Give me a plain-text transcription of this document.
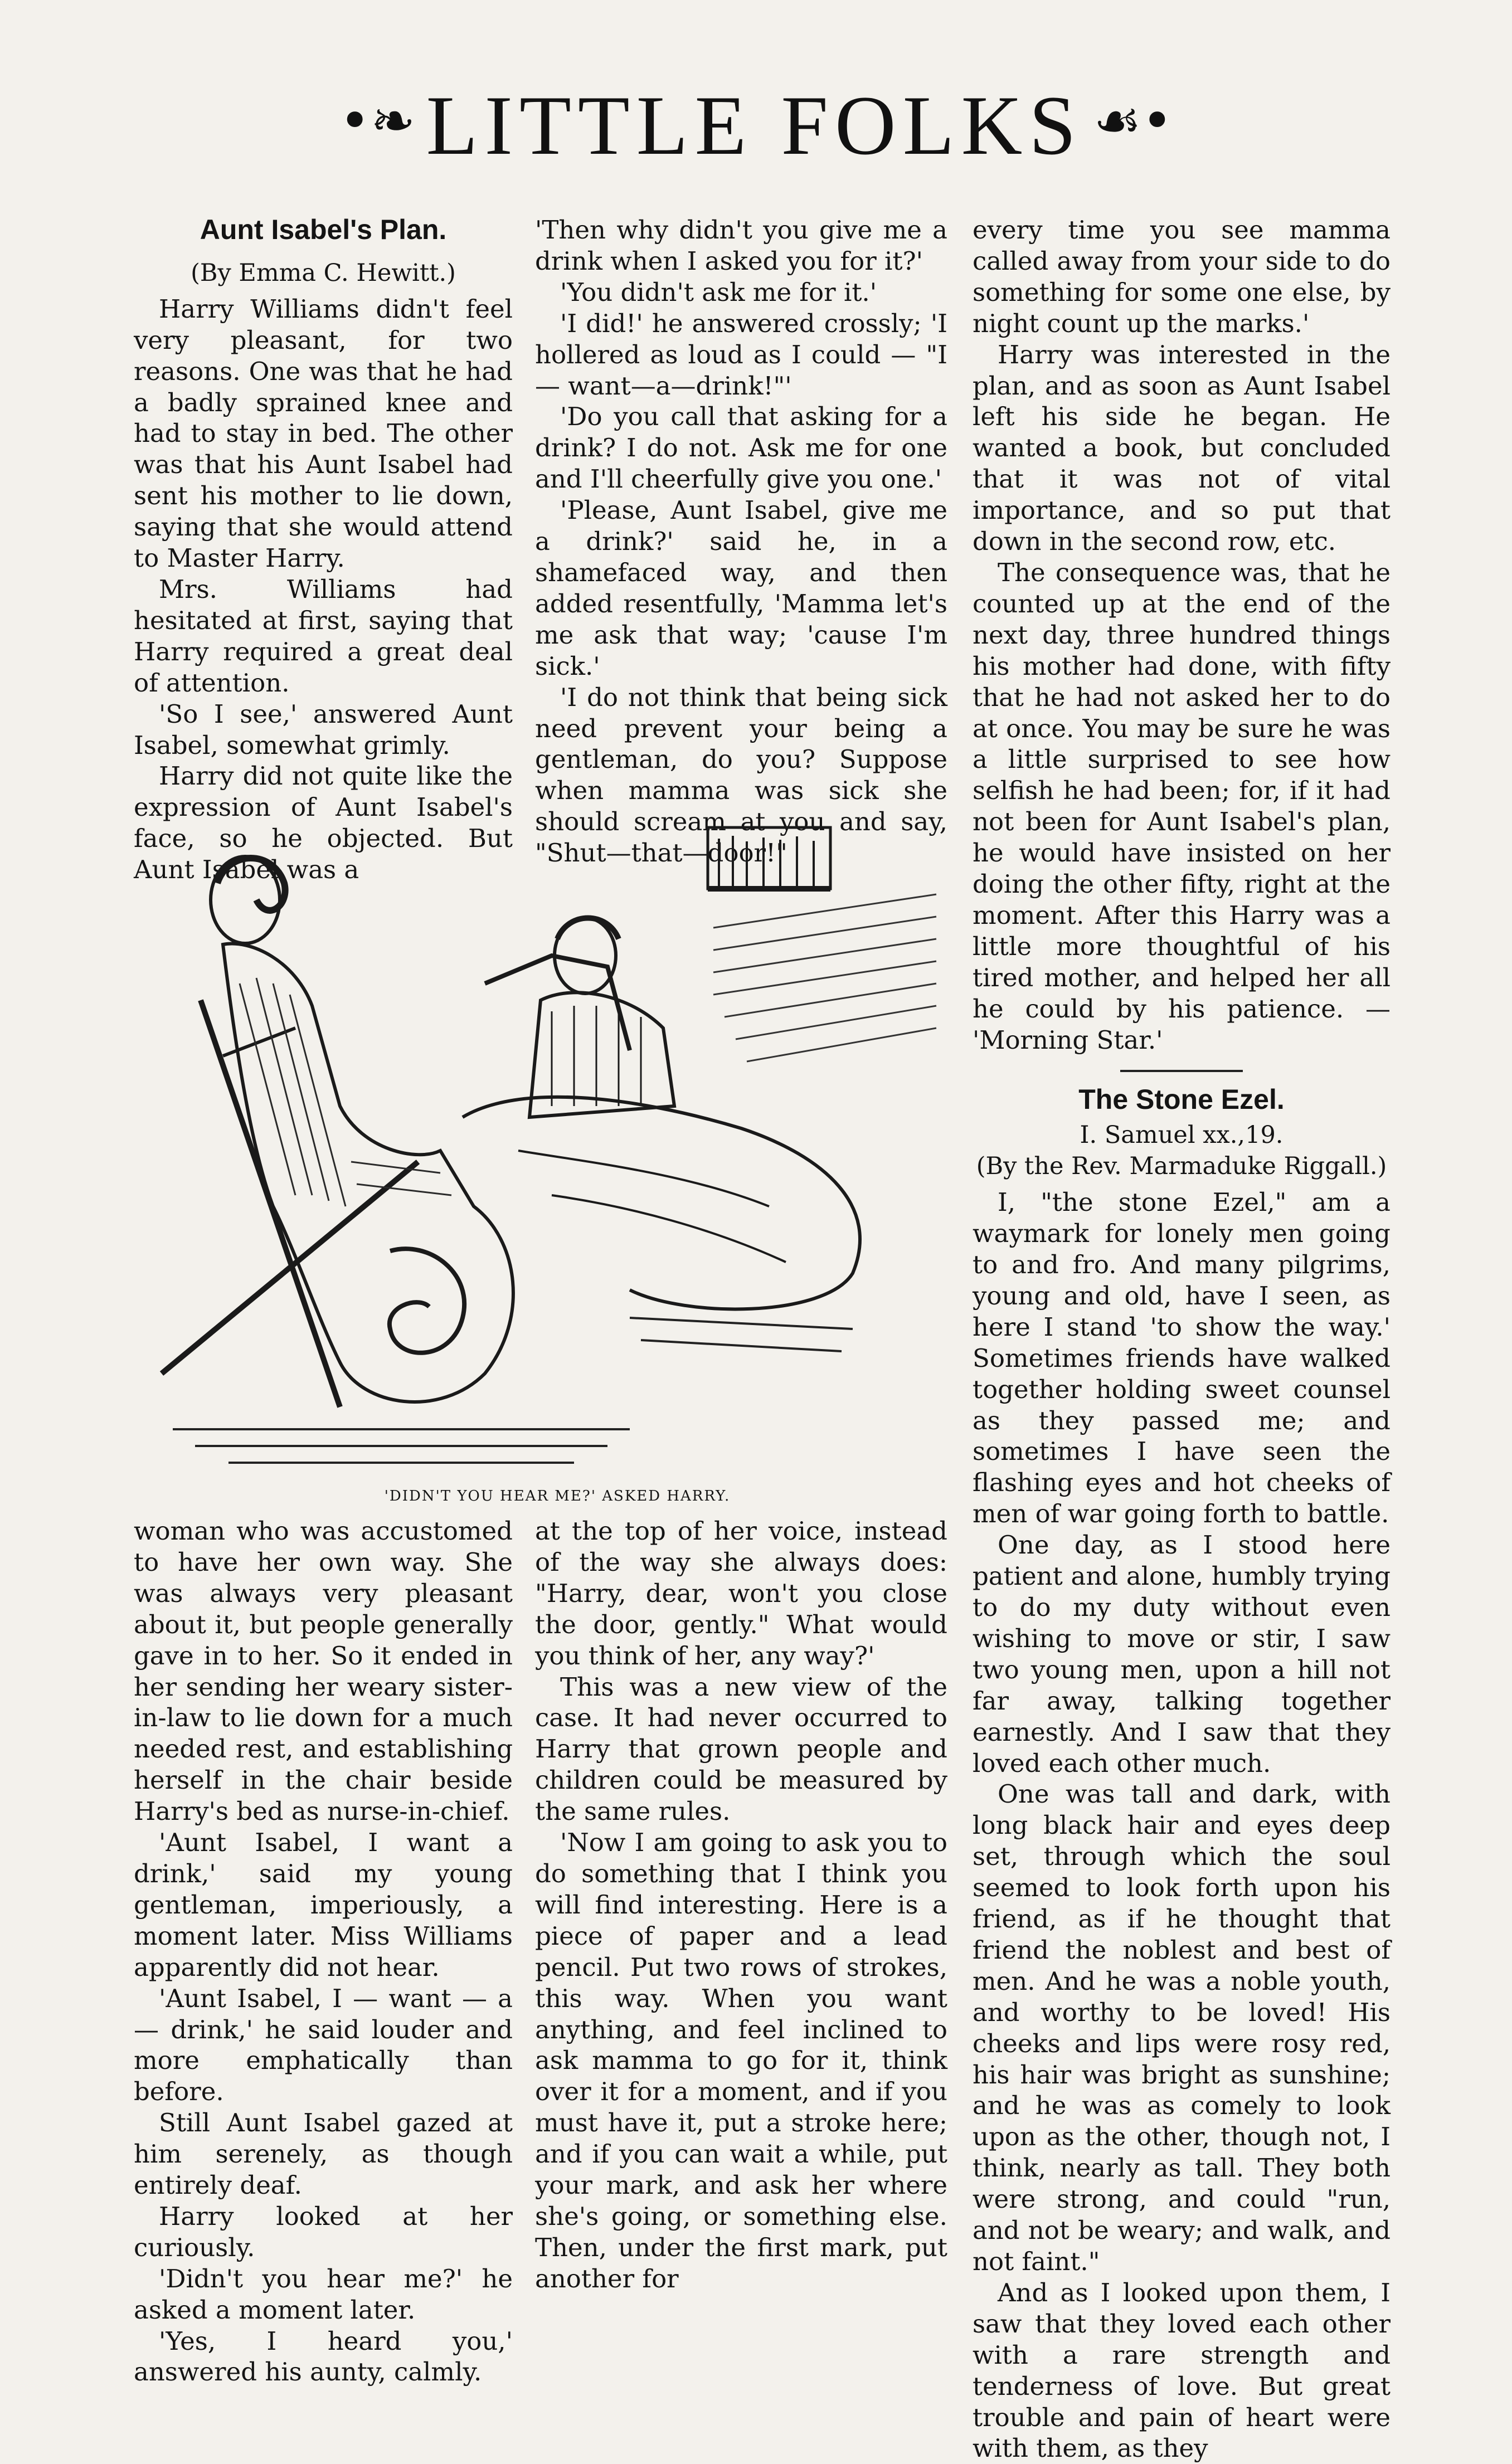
•❧ LITTLE FOLKS ☙•
Aunt Isabel's Plan.
(By Emma C. Hewitt.)

Harry Williams didn't feel very pleasant, for two reasons. One was that he had a badly sprained knee and had to stay in bed. The other was that his Aunt Isabel had sent his mother to lie down, saying that she would attend to Master Harry.

Mrs. Williams had hesitated at first, saying that Harry required a great deal of attention.

'So I see,' answered Aunt Isabel, somewhat grimly.

Harry did not quite like the expression of Aunt Isabel's face, so he objected. But Aunt Isabel was a

'Then why didn't you give me a drink when I asked you for it?'

'You didn't ask me for it.'

'I did!' he answered crossly; 'I hollered as loud as I could — "I — want—a—drink!"'

'Do you call that asking for a drink? I do not. Ask me for one and I'll cheerfully give you one.'

'Please, Aunt Isabel, give me a drink?' said he, in a shamefaced way, and then added resentfully, 'Mamma let's me ask that way; 'cause I'm sick.'

'I do not think that being sick need prevent your being a gentleman, do you? Suppose when mamma was sick she should scream at you and say, "Shut—that—door!"

'DIDN'T YOU HEAR ME?' ASKED HARRY.

woman who was accustomed to have her own way. She was always very pleasant about it, but people generally gave in to her. So it ended in her sending her weary sister-in-law to lie down for a much needed rest, and establishing herself in the chair beside Harry's bed as nurse-in-chief.

'Aunt Isabel, I want a drink,' said my young gentleman, imperiously, a moment later. Miss Williams apparently did not hear.

'Aunt Isabel, I — want — a — drink,' he said louder and more emphatically than before.

Still Aunt Isabel gazed at him serenely, as though entirely deaf.

Harry looked at her curiously.

'Didn't you hear me?' he asked a moment later.

'Yes, I heard you,' answered his aunty, calmly.

at the top of her voice, instead of the way she always does: "Harry, dear, won't you close the door, gently." What would you think of her, any way?'

This was a new view of the case. It had never occurred to Harry that grown people and children could be measured by the same rules.

'Now I am going to ask you to do something that I think you will find interesting. Here is a piece of paper and a lead pencil. Put two rows of strokes, this way. When you want anything, and feel inclined to ask mamma to go for it, think over it for a moment, and if you must have it, put a stroke here; and if you can wait a while, put your mark, and ask her where she's going, or something else. Then, under the first mark, put another for

every time you see mamma called away from your side to do something for some one else, by night count up the marks.'

Harry was interested in the plan, and as soon as Aunt Isabel left his side he began. He wanted a book, but concluded that it was not of vital importance, and so put that down in the second row, etc.

The consequence was, that he counted up at the end of the next day, three hundred things his mother had done, with fifty that he had not asked her to do at once. You may be sure he was a little surprised to see how selfish he had been; for, if it had not been for Aunt Isabel's plan, he would have insisted on her doing the other fifty, right at the moment. After this Harry was a little more thoughtful of his tired mother, and helped her all he could by his patience. — 'Morning Star.'

The Stone Ezel.
I. Samuel xx.,19.
(By the Rev. Marmaduke Riggall.)

I, "the stone Ezel," am a waymark for lonely men going to and fro. And many pilgrims, young and old, have I seen, as here I stand 'to show the way.' Sometimes friends have walked together holding sweet counsel as they passed me; and sometimes I have seen the flashing eyes and hot cheeks of men of war going forth to battle.

One day, as I stood here patient and alone, humbly trying to do my duty without even wishing to move or stir, I saw two young men, upon a hill not far away, talking together earnestly. And I saw that they loved each other much.

One was tall and dark, with long black hair and eyes deep set, through which the soul seemed to look forth upon his friend, as if he thought that friend the noblest and best of men. And he was a noble youth, and worthy to be loved! His cheeks and lips were rosy red, his hair was bright as sunshine; and he was as comely to look upon as the other, though not, I think, nearly as tall. They both were strong, and could "run, and not be weary; and walk, and not faint."

And as I looked upon them, I saw that they loved each other with a rare strength and tenderness of love. But great trouble and pain of heart were with them, as they
